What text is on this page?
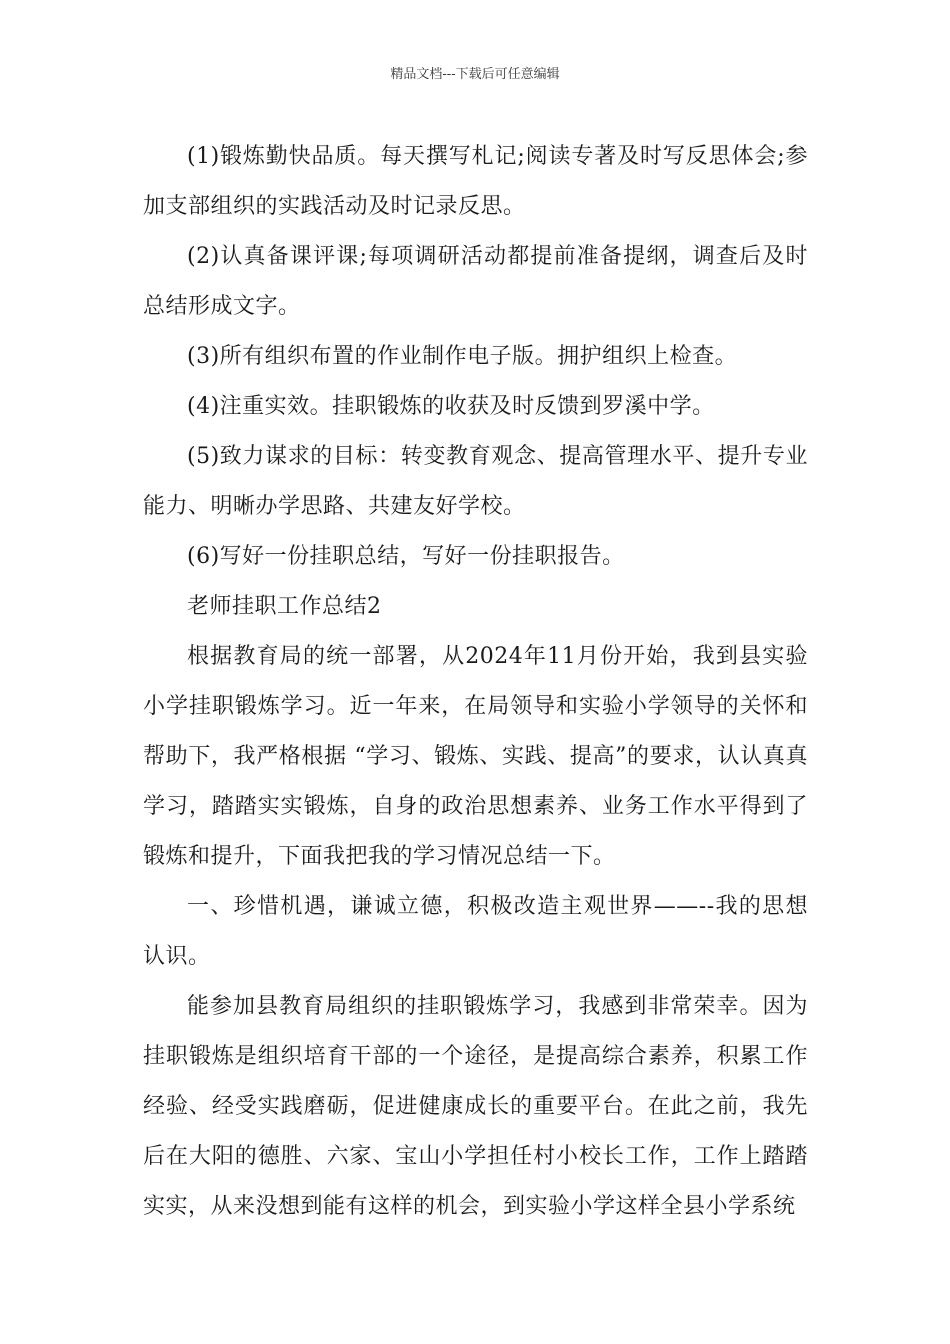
精品文档---下载后可任意编辑

(1)锻炼勤快品质。每天撰写札记;阅读专著及时写反思体会;参加支部组织的实践活动及时记录反思。

(2)认真备课评课;每项调研活动都提前准备提纲，调查后及时总结形成文字。

(3)所有组织布置的作业制作电子版。拥护组织上检查。

(4)注重实效。挂职锻炼的收获及时反馈到罗溪中学。

(5)致力谋求的目标：转变教育观念、提高管理水平、提升专业能力、明晰办学思路、共建友好学校。

(6)写好一份挂职总结，写好一份挂职报告。

老师挂职工作总结2

根据教育局的统一部署，从2024年11月份开始，我到县实验小学挂职锻炼学习。近一年来，在局领导和实验小学领导的关怀和帮助下，我严格根据 “学习、锻炼、实践、提高”的要求，认认真真学习，踏踏实实锻炼，自身的政治思想素养、业务工作水平得到了锻炼和提升，下面我把我的学习情况总结一下。

一、珍惜机遇，谦诚立德，积极改造主观世界——--我的思想认识。

能参加县教育局组织的挂职锻炼学习，我感到非常荣幸。因为挂职锻炼是组织培育干部的一个途径，是提高综合素养，积累工作经验、经受实践磨砺，促进健康成长的重要平台。在此之前，我先后在大阳的德胜、六家、宝山小学担任村小校长工作，工作上踏踏实实，从来没想到能有这样的机会，到实验小学这样全县小学系统
